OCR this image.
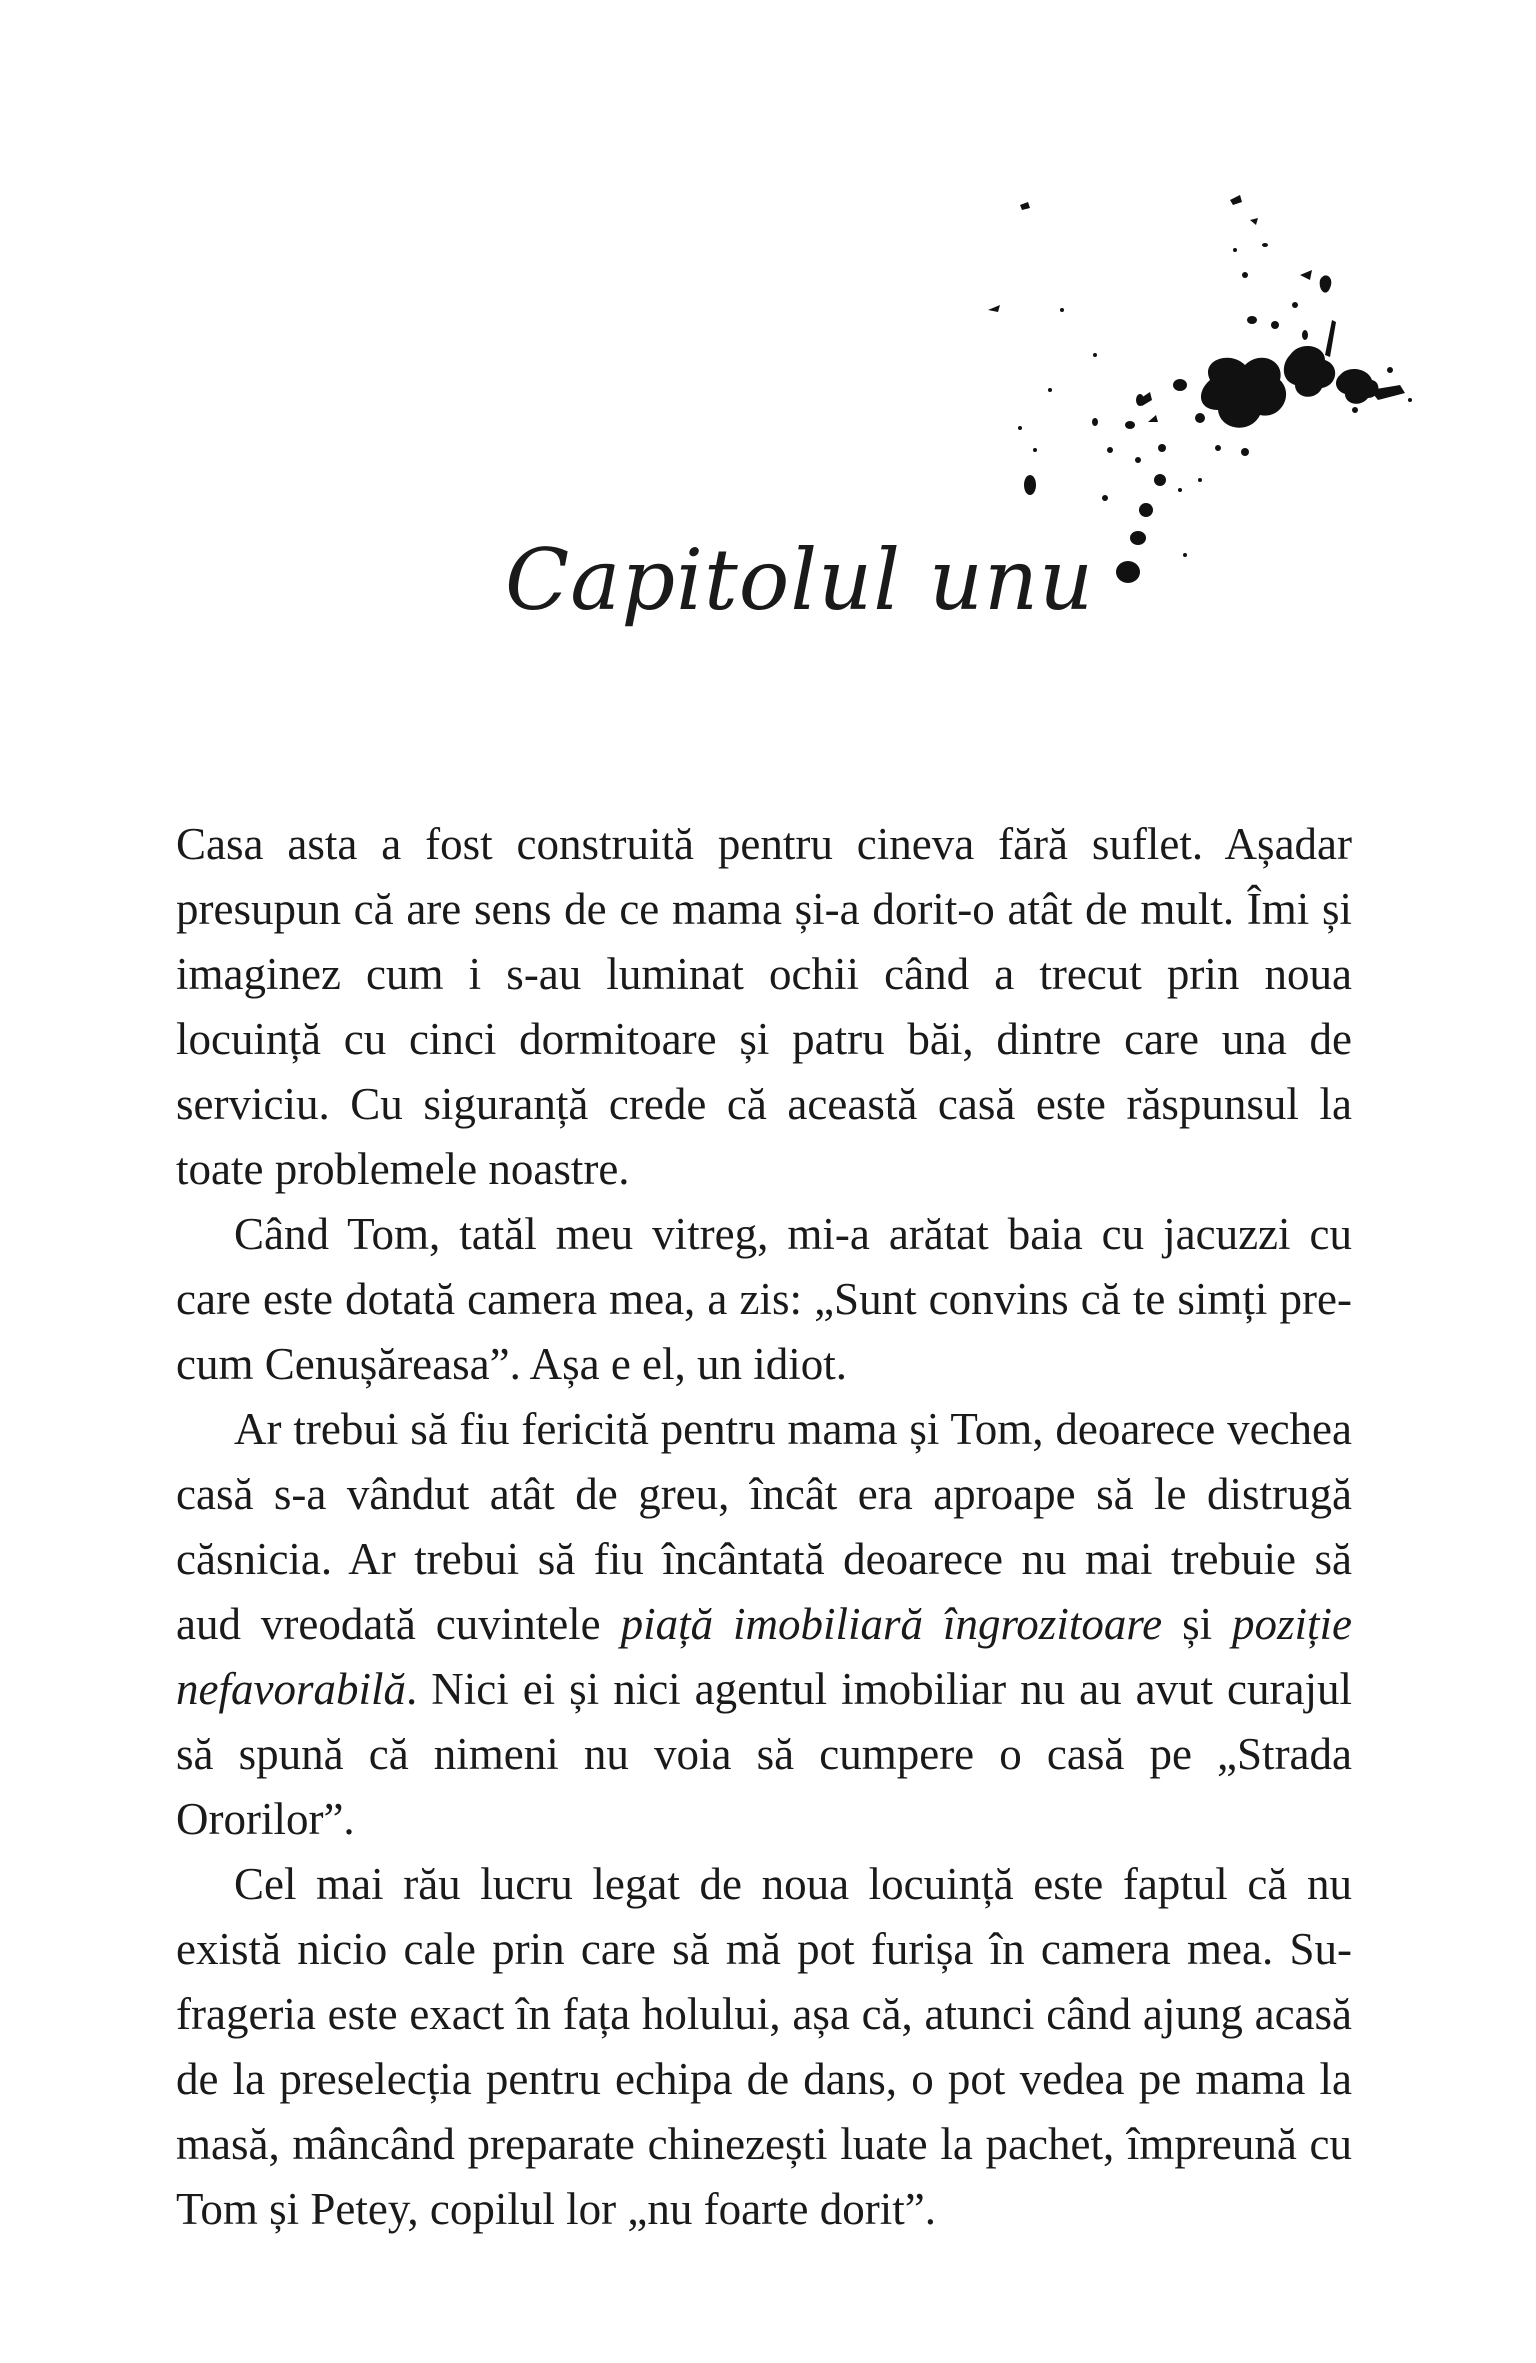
Capitolul unu

Casa asta a fost construită pentru cineva fără suflet. Așadar presupun că are sens de ce mama și-a dorit-o atât de mult. Îmi și imaginez cum i s-au luminat ochii când a trecut prin noua locuință cu cinci dormitoare și patru băi, dintre care una de serviciu. Cu siguranță crede că această casă este răspunsul la toate problemele noastre.

Când Tom, tatăl meu vitreg, mi-a arătat baia cu jacuzzi cu care este dotată camera mea, a zis: „Sunt convins că te simți precum Cenușăreasa”. Așa e el, un idiot.

Ar trebui să fiu fericită pentru mama și Tom, deoarece vechea casă s-a vândut atât de greu, încât era aproape să le distrugă căsnicia. Ar trebui să fiu încântată deoarece nu mai trebuie să aud vreodată cuvintele piață imobiliară îngrozitoare și poziție nefavorabilă. Nici ei și nici agentul imobiliar nu au avut curajul să spună că nimeni nu voia să cumpere o casă pe „Strada Ororilor”.

Cel mai rău lucru legat de noua locuință este faptul că nu există nicio cale prin care să mă pot furișa în camera mea. Sufrageria este exact în fața holului, așa că, atunci când ajung acasă de la preselecția pentru echipa de dans, o pot vedea pe mama la masă, mâncând preparate chinezești luate la pachet, împreună cu Tom și Petey, copilul lor „nu foarte dorit”.
